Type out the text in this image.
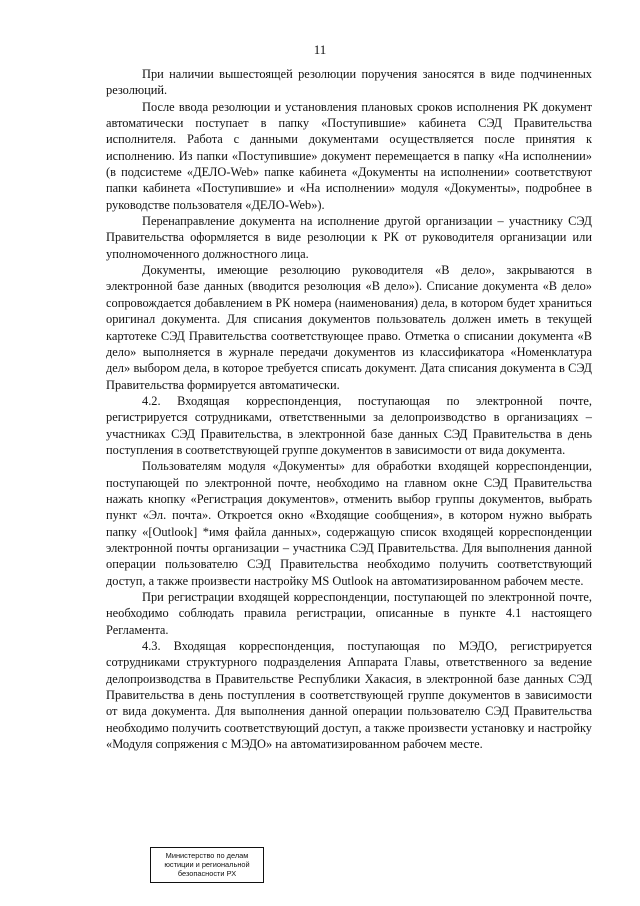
11

При наличии вышестоящей резолюции поручения заносятся в виде подчиненных резолюций.

После ввода резолюции и установления плановых сроков исполнения РК документ автоматически поступает в папку «Поступившие» кабинета СЭД Правительства исполнителя. Работа с данными документами осуществляется после принятия к исполнению. Из папки «Поступившие» документ перемещается в папку «На исполнении» (в подсистеме «ДЕЛО-Web» папке кабинета «Документы на исполнении» соответствуют папки кабинета «Поступившие» и «На исполнении» модуля «Документы», подробнее в руководстве пользователя «ДЕЛО-Web»).

Перенаправление документа на исполнение другой организации – участнику СЭД Правительства оформляется в виде резолюции к РК от руководителя организации или уполномоченного должностного лица.

Документы, имеющие резолюцию руководителя «В дело», закрываются в электронной базе данных (вводится резолюция «В дело»). Списание документа «В дело» сопровождается добавлением в РК номера (наименования) дела, в котором будет храниться оригинал документа. Для списания документов пользователь должен иметь в текущей картотеке СЭД Правительства соответствующее право. Отметка о списании документа «В дело» выполняется в журнале передачи документов из классификатора «Номенклатура дел» выбором дела, в которое требуется списать документ. Дата списания документа в СЭД Правительства формируется автоматически.

4.2. Входящая корреспонденция, поступающая по электронной почте, регистрируется сотрудниками, ответственными за делопроизводство в организациях – участниках СЭД Правительства, в электронной базе данных СЭД Правительства в день поступления в соответствующей группе документов в зависимости от вида документа.

Пользователям модуля «Документы» для обработки входящей корреспонденции, поступающей по электронной почте, необходимо на главном окне СЭД Правительства нажать кнопку «Регистрация документов», отменить выбор группы документов, выбрать пункт «Эл. почта». Откроется окно «Входящие сообщения», в котором нужно выбрать папку «[Outlook] *имя файла данных», содержащую список входящей корреспонденции электронной почты организации – участника СЭД Правительства. Для выполнения данной операции пользователю СЭД Правительства необходимо получить соответствующий доступ, а также произвести настройку MS Outlook на автоматизированном рабочем месте.

При регистрации входящей корреспонденции, поступающей по электронной почте, необходимо соблюдать правила регистрации, описанные в пункте 4.1 настоящего Регламента.

4.3. Входящая корреспонденция, поступающая по МЭДО, регистрируется сотрудниками структурного подразделения Аппарата Главы, ответственного за ведение делопроизводства в Правительстве Республики Хакасия, в электронной базе данных СЭД Правительства в день поступления в соответствующей группе документов в зависимости от вида документа. Для выполнения данной операции пользователю СЭД Правительства необходимо получить соответствующий доступ, а также произвести установку и настройку «Модуля сопряжения с МЭДО» на автоматизированном рабочем месте.

Министерство по делам
юстиции и региональной
безопасности РХ
